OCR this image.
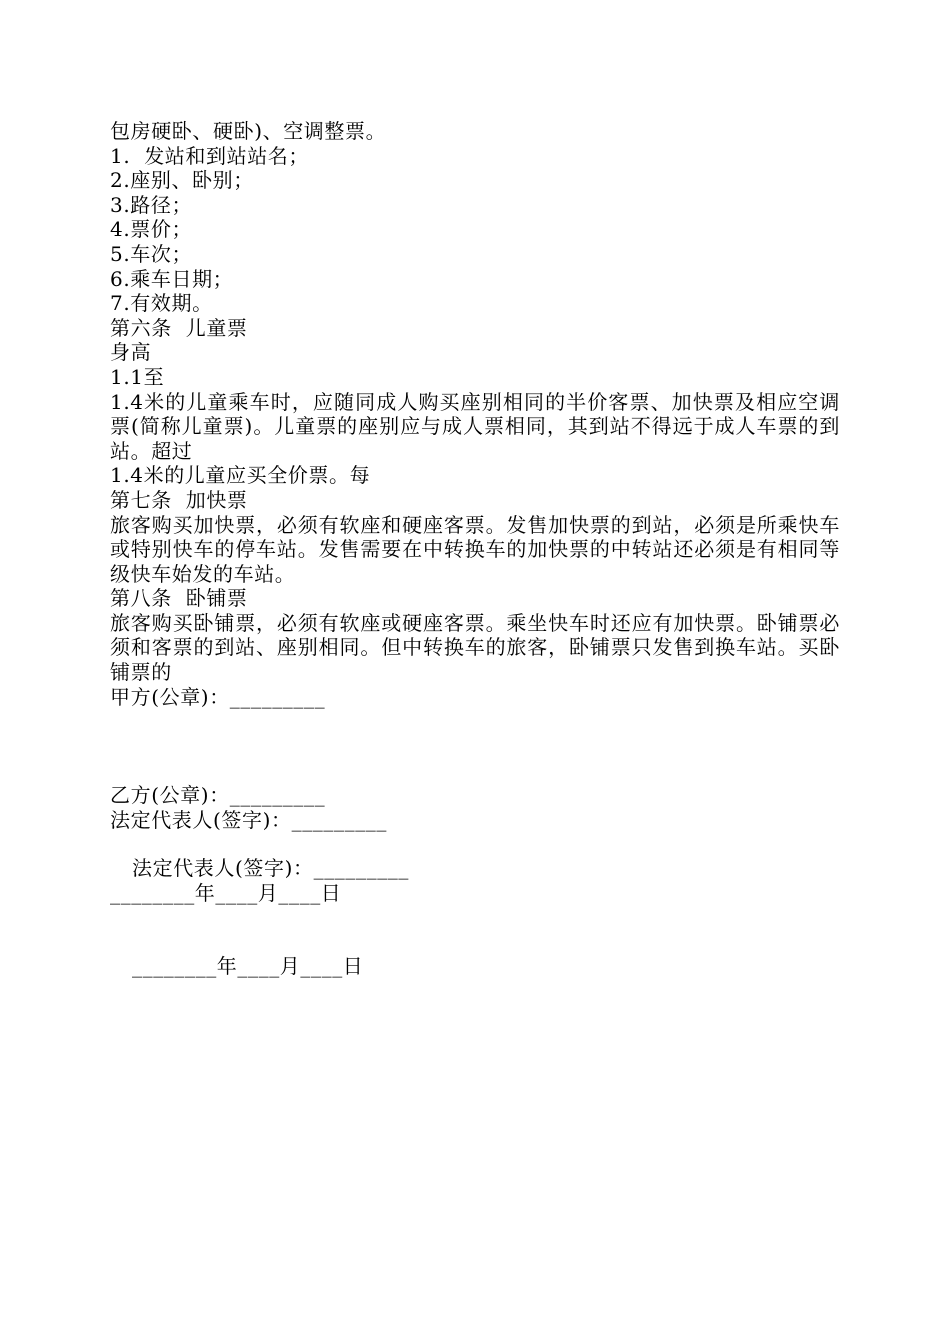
包房硬卧、硬卧)、空调整票。
1.  发站和到站站名；
2.座别、卧别；
3.路径；
4.票价；
5.车次；
6.乘车日期；
7.有效期。
第六条  儿童票
身高
1.1至
1.4米的儿童乘车时，应随同成人购买座别相同的半价客票、加快票及相应空调票(简称儿童票)。儿童票的座别应与成人票相同，其到站不得远于成人车票的到站。超过
1.4米的儿童应买全价票。每
第七条  加快票
旅客购买加快票，必须有软座和硬座客票。发售加快票的到站，必须是所乘快车或特别快车的停车站。发售需要在中转换车的加快票的中转站还必须是有相同等级快车始发的车站。
第八条  卧铺票
旅客购买卧铺票，必须有软座或硬座客票。乘坐快车时还应有加快票。卧铺票必须和客票的到站、座别相同。但中转换车的旅客，卧铺票只发售到换车站。买卧铺票的
甲方(公章)：_________
乙方(公章)：_________
法定代表人(签字)：_________
法定代表人(签字)：_________
________年____月____日
________年____月____日
